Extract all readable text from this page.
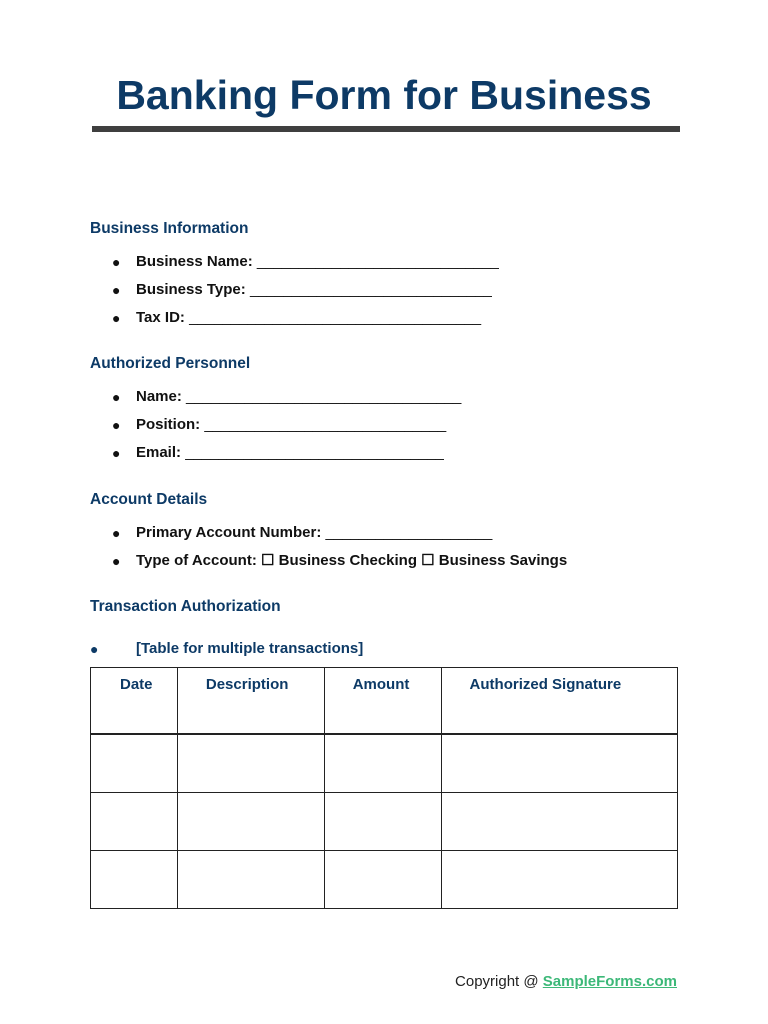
Banking Form for Business
Business Information
● Business Name: _____________________________
● Business Type: _____________________________
● Tax ID: ___________________________________
Authorized Personnel
● Name: _________________________________
● Position: _____________________________
● Email: _______________________________
Account Details
● Primary Account Number: ____________________
● Type of Account: ☐ Business Checking ☐ Business Savings
Transaction Authorization
●	[Table for multiple transactions]
Date	Description	Amount	Authorized Signature

Copyright @ SampleForms.com
